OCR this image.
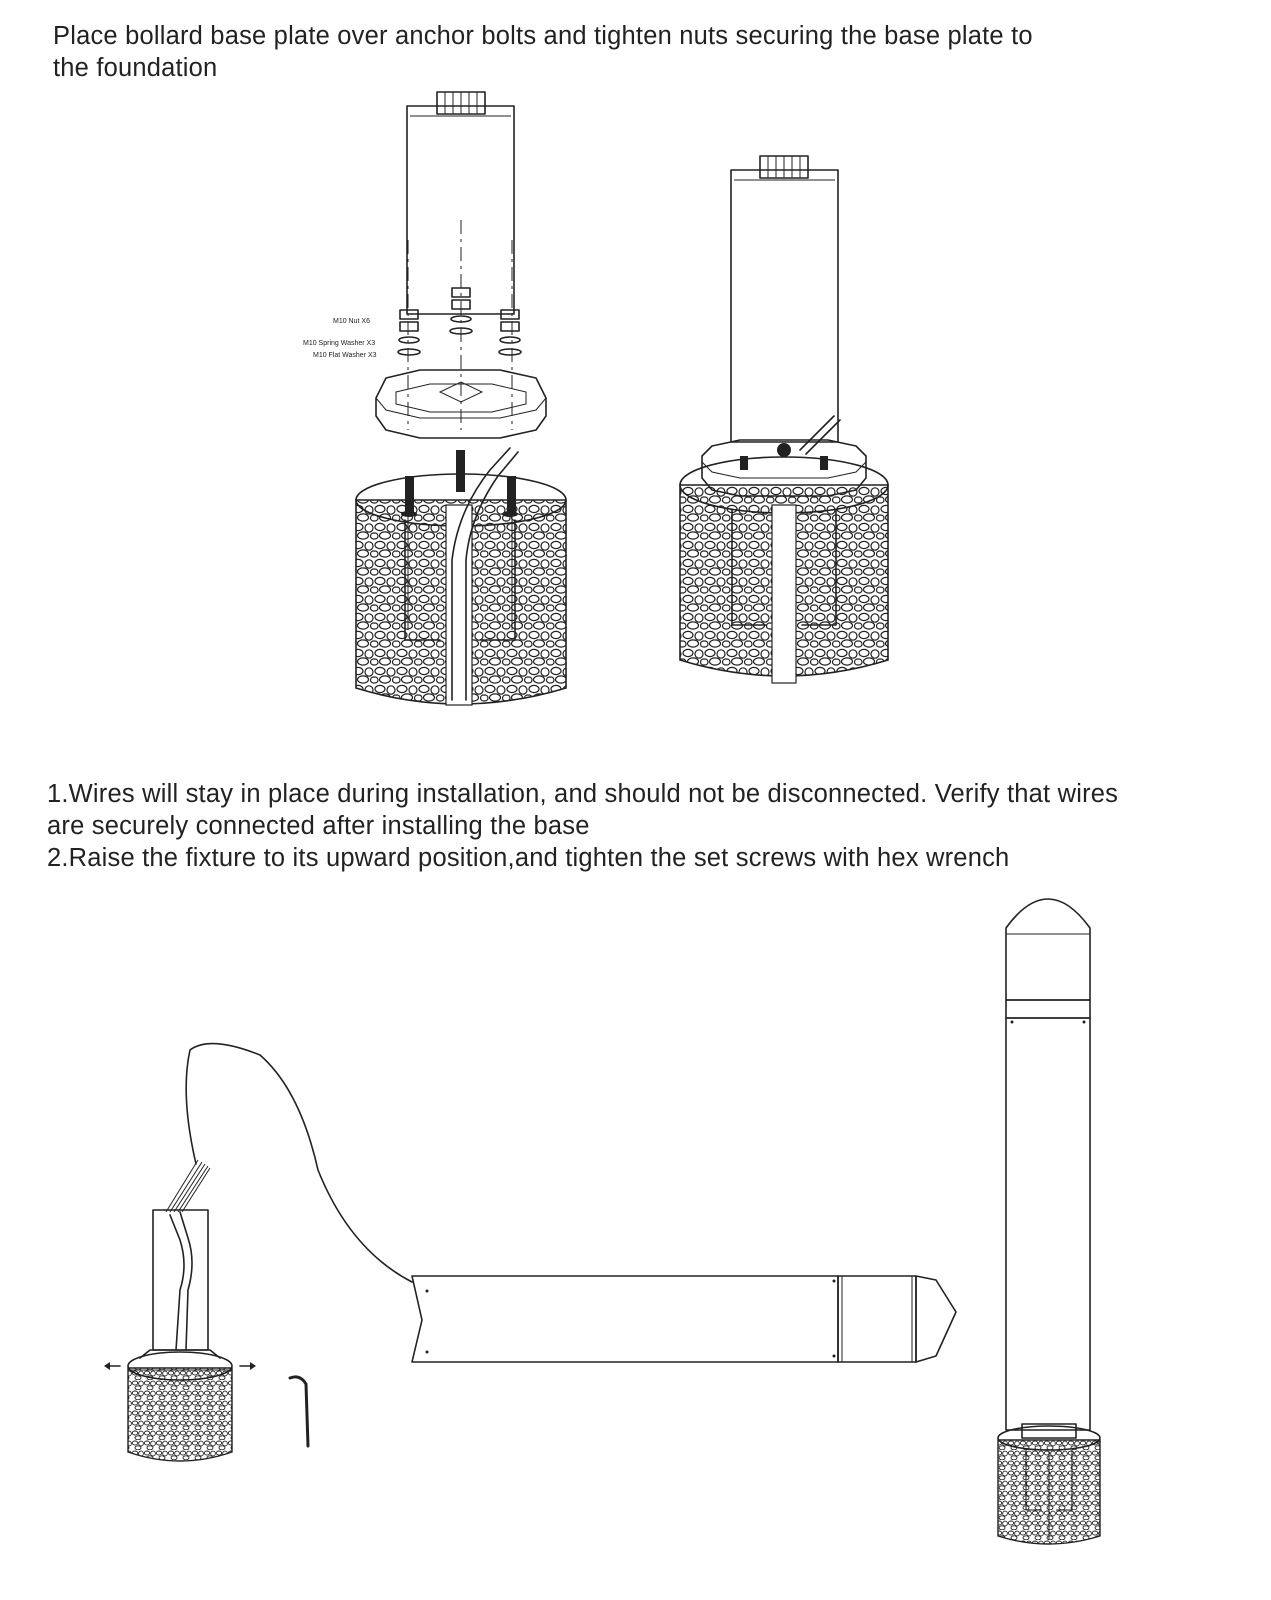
Place bollard base plate over anchor bolts and tighten nuts securing the base plate to
the foundation
1.Wires will stay in place during installation, and should not be disconnected. Verify that wires
are securely connected after installing the base
2.Raise the fixture to its upward position,and tighten the set screws with hex wrench
M10 Nut X6
M10 Spring Washer X3
M10 Flat Washer X3
